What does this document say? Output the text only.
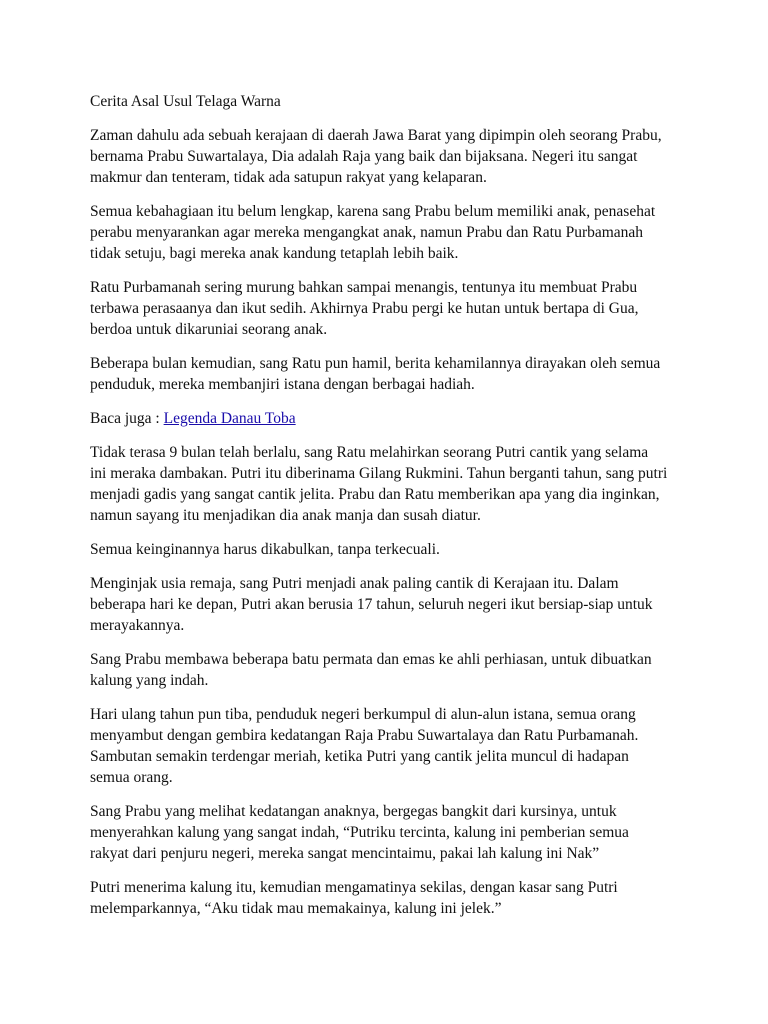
Cerita Asal Usul Telaga Warna

Zaman dahulu ada sebuah kerajaan di daerah Jawa Barat yang dipimpin oleh seorang Prabu, bernama Prabu Suwartalaya, Dia adalah Raja yang baik dan bijaksana. Negeri itu sangat makmur dan tenteram, tidak ada satupun rakyat yang kelaparan.

Semua kebahagiaan itu belum lengkap, karena sang Prabu belum memiliki anak, penasehat perabu menyarankan agar mereka mengangkat anak, namun Prabu dan Ratu Purbamanah tidak setuju, bagi mereka anak kandung tetaplah lebih baik.

Ratu Purbamanah sering murung bahkan sampai menangis, tentunya itu membuat Prabu terbawa perasaanya dan ikut sedih. Akhirnya Prabu pergi ke hutan untuk bertapa di Gua, berdoa untuk dikaruniai seorang anak.

Beberapa bulan kemudian, sang Ratu pun hamil, berita kehamilannya dirayakan oleh semua penduduk, mereka membanjiri istana dengan berbagai hadiah.

Baca juga : Legenda Danau Toba

Tidak terasa 9 bulan telah berlalu, sang Ratu melahirkan seorang Putri cantik yang selama ini meraka dambakan. Putri itu diberinama Gilang Rukmini. Tahun berganti tahun, sang putri menjadi gadis yang sangat cantik jelita. Prabu dan Ratu memberikan apa yang dia inginkan, namun sayang itu menjadikan dia anak manja dan susah diatur.

Semua keinginannya harus dikabulkan, tanpa terkecuali.

Menginjak usia remaja, sang Putri menjadi anak paling cantik di Kerajaan itu. Dalam beberapa hari ke depan, Putri akan berusia 17 tahun, seluruh negeri ikut bersiap-siap untuk merayakannya.

Sang Prabu membawa beberapa batu permata dan emas ke ahli perhiasan, untuk dibuatkan kalung yang indah.

Hari ulang tahun pun tiba, penduduk negeri berkumpul di alun-alun istana, semua orang menyambut dengan gembira kedatangan Raja Prabu Suwartalaya dan Ratu Purbamanah. Sambutan semakin terdengar meriah, ketika Putri yang cantik jelita muncul di hadapan semua orang.

Sang Prabu yang melihat kedatangan anaknya, bergegas bangkit dari kursinya, untuk menyerahkan kalung yang sangat indah, “Putriku tercinta, kalung ini pemberian semua rakyat dari penjuru negeri, mereka sangat mencintaimu, pakai lah kalung ini Nak”

Putri menerima kalung itu, kemudian mengamatinya sekilas, dengan kasar sang Putri melemparkannya, “Aku tidak mau memakainya, kalung ini jelek.”
